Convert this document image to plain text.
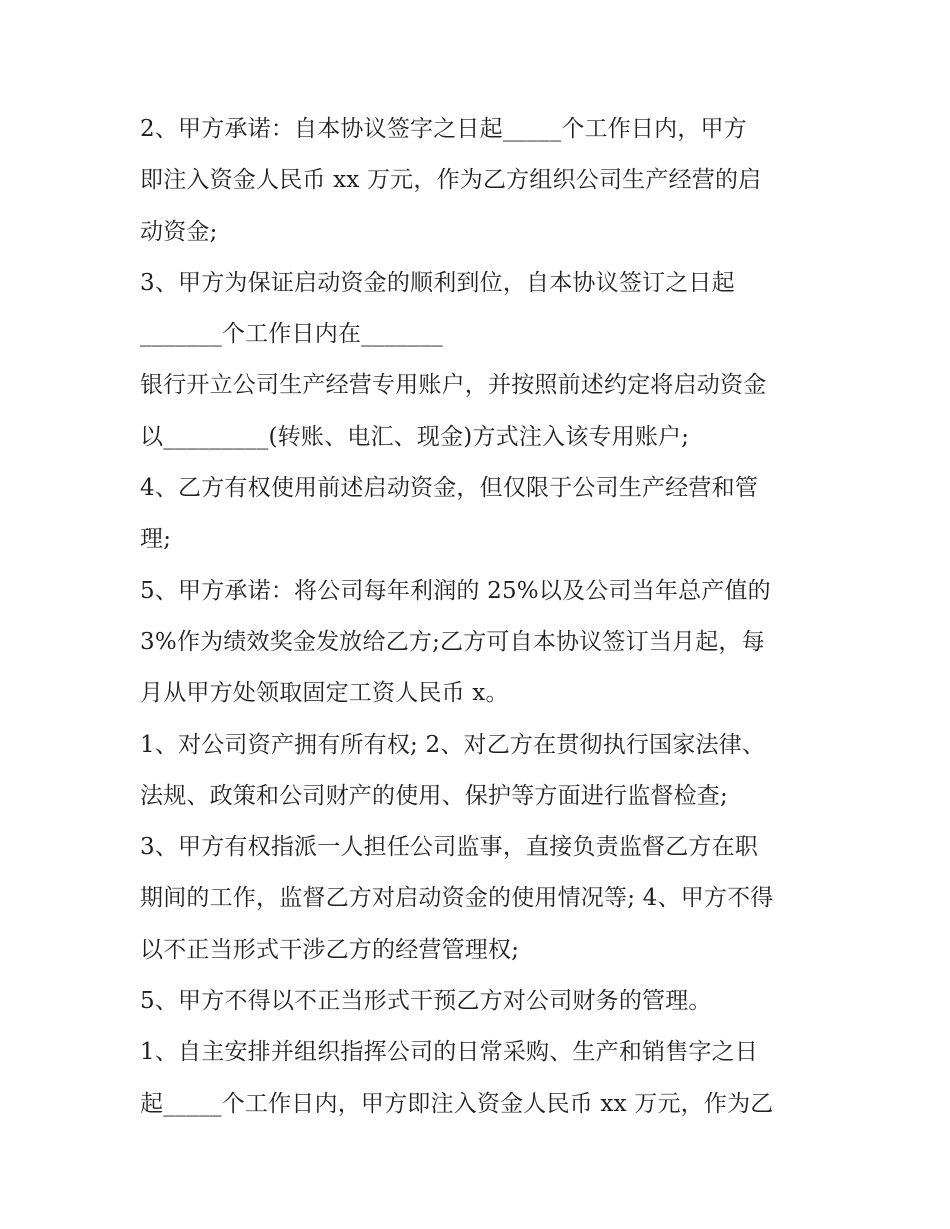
2、甲方承诺：自本协议签字之日起_____个工作日内，甲方
即注入资金人民币 xx 万元，作为乙方组织公司生产经营的启
动资金;
3、甲方为保证启动资金的顺利到位，自本协议签订之日起
_______个工作日内在_______
银行开立公司生产经营专用账户，并按照前述约定将启动资金
以_________(转账、电汇、现金)方式注入该专用账户;
4、乙方有权使用前述启动资金，但仅限于公司生产经营和管
理;
5、甲方承诺：将公司每年利润的 25%以及公司当年总产值的
3%作为绩效奖金发放给乙方;乙方可自本协议签订当月起，每
月从甲方处领取固定工资人民币 x。
1、对公司资产拥有所有权; 2、对乙方在贯彻执行国家法律、
法规、政策和公司财产的使用、保护等方面进行监督检查;
3、甲方有权指派一人担任公司监事，直接负责监督乙方在职
期间的工作，监督乙方对启动资金的使用情况等; 4、甲方不得
以不正当形式干涉乙方的经营管理权;
5、甲方不得以不正当形式干预乙方对公司财务的管理。
1、自主安排并组织指挥公司的日常采购、生产和销售字之日
起_____个工作日内，甲方即注入资金人民币 xx 万元，作为乙
